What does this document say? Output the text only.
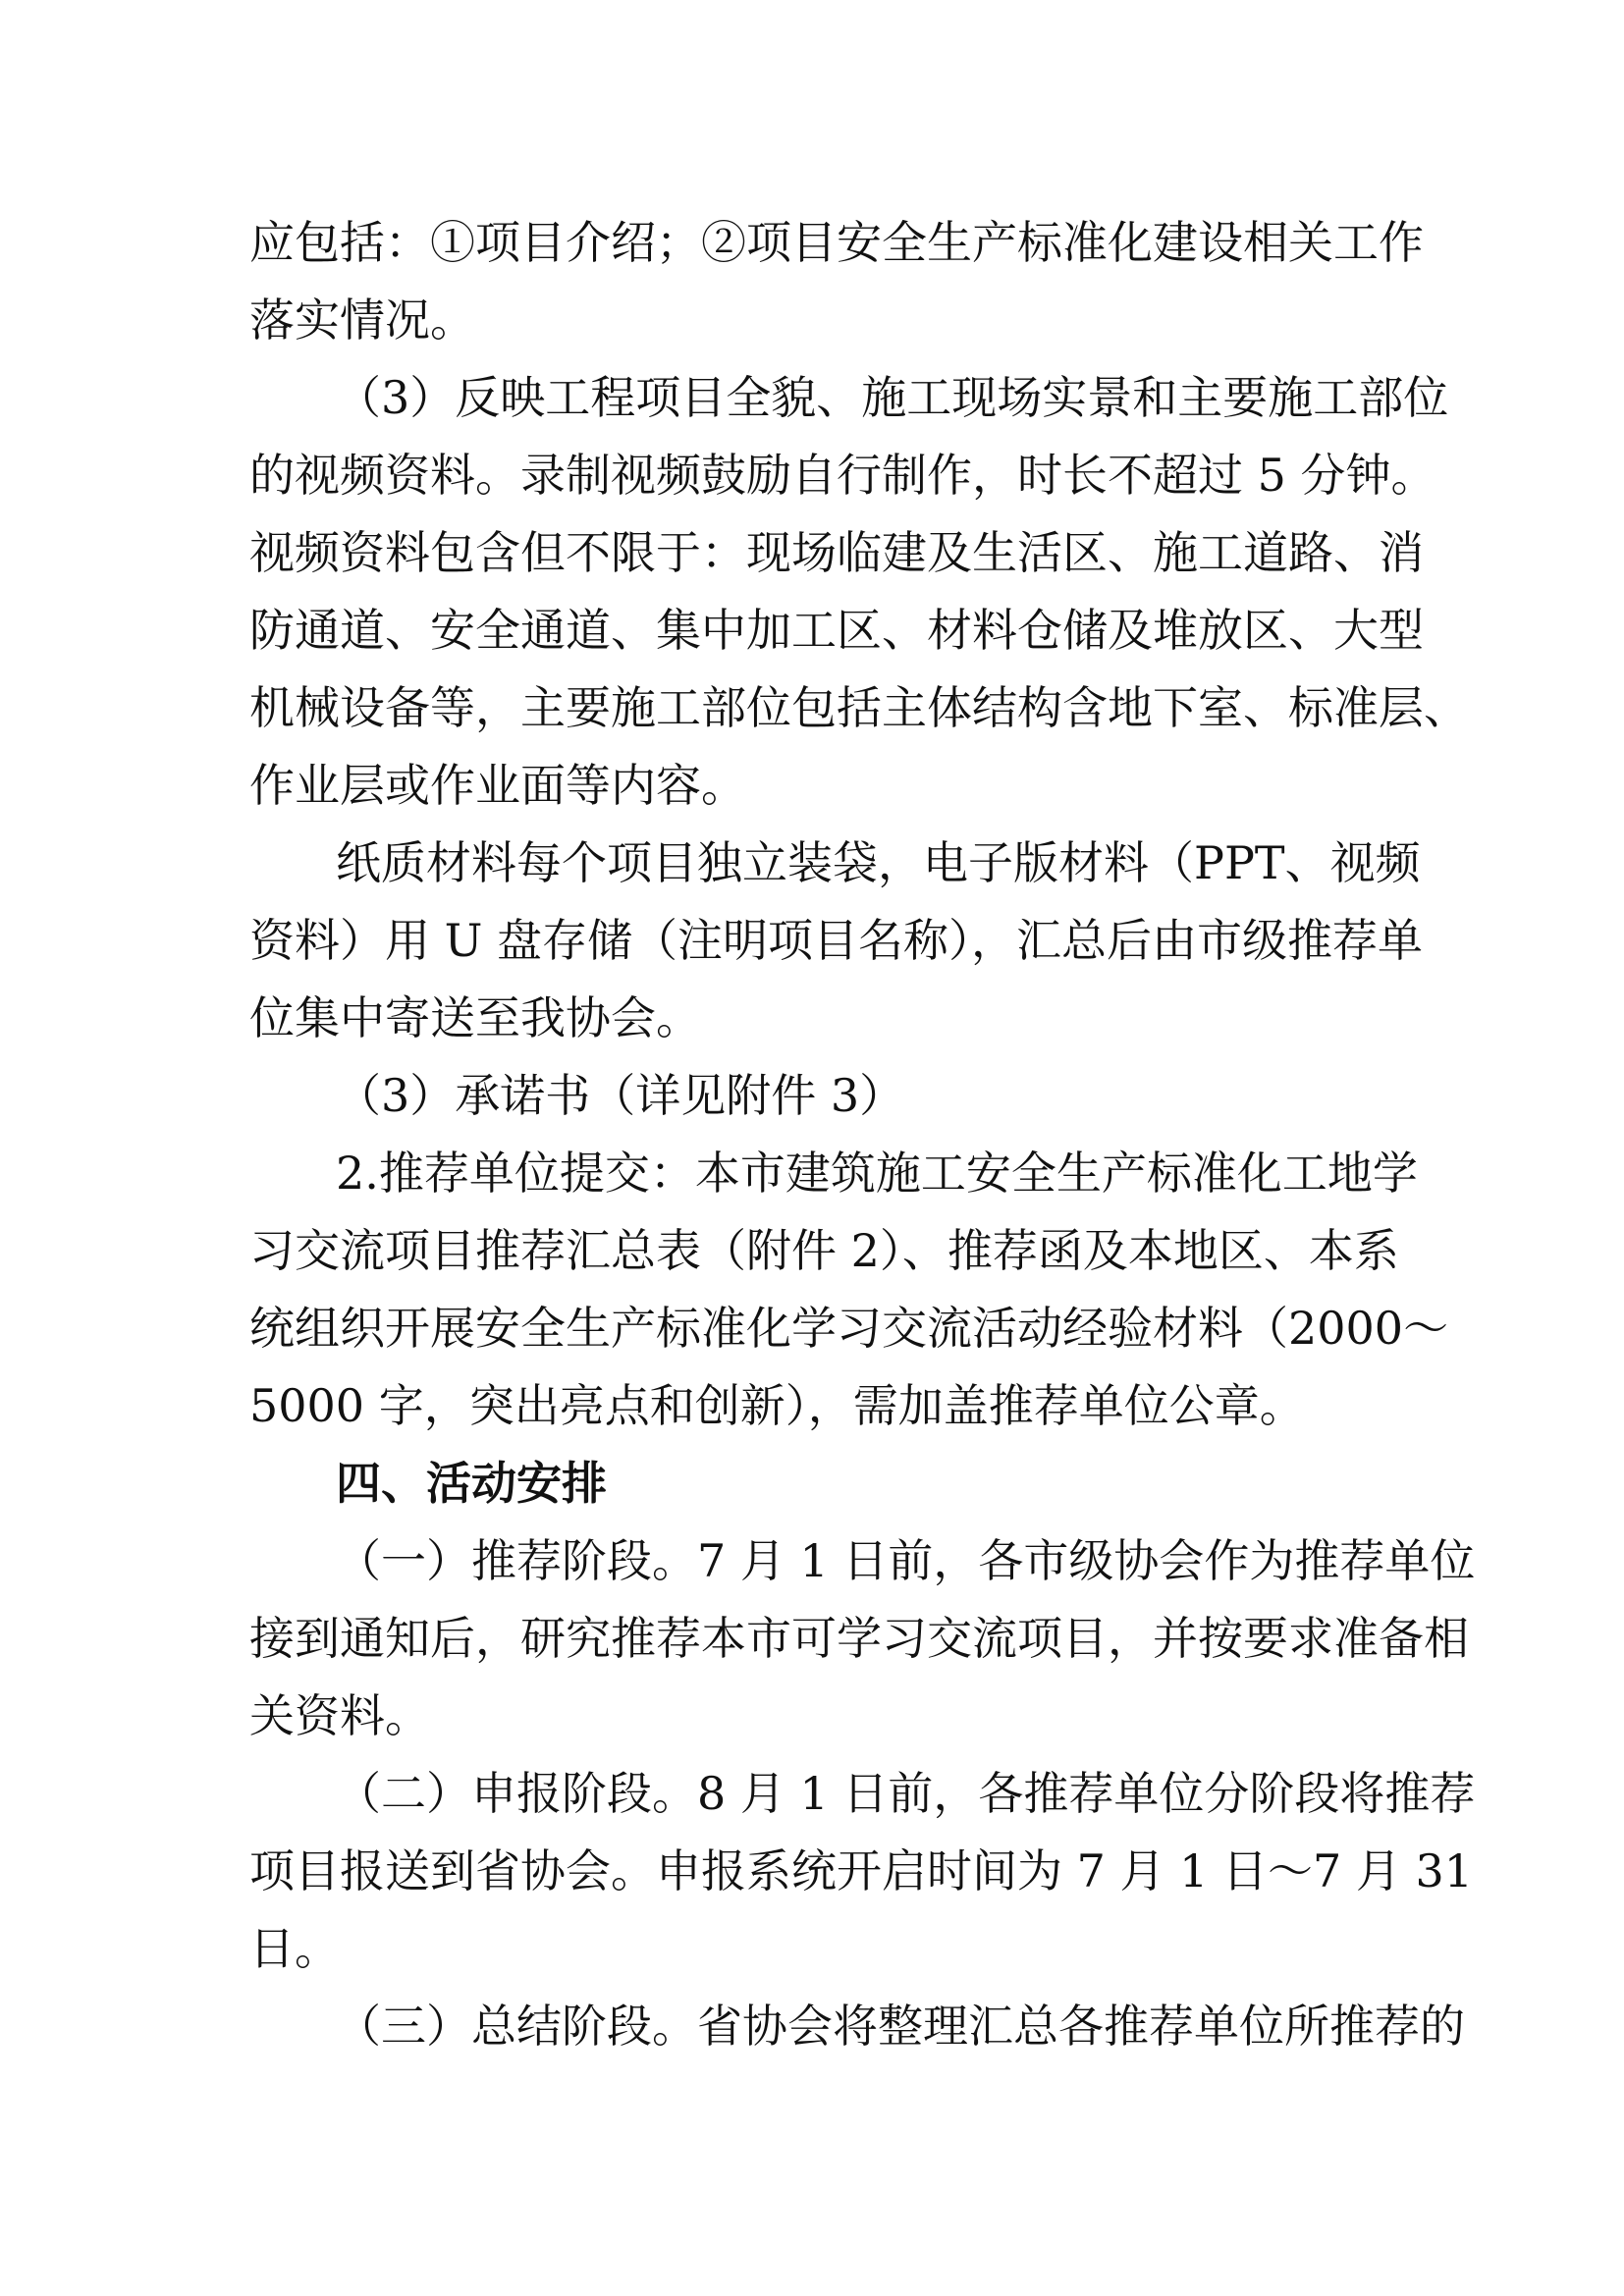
应包括：①项目介绍；②项目安全生产标准化建设相关工作
落实情况。
（3）反映工程项目全貌、施工现场实景和主要施工部位
的视频资料。录制视频鼓励自行制作，时长不超过 5 分钟。
视频资料包含但不限于：现场临建及生活区、施工道路、消
防通道、安全通道、集中加工区、材料仓储及堆放区、大型
机械设备等，主要施工部位包括主体结构含地下室、标准层、
作业层或作业面等内容。
纸质材料每个项目独立装袋，电子版材料（PPT、视频
资料）用 U 盘存储（注明项目名称），汇总后由市级推荐单
位集中寄送至我协会。
（3）承诺书（详见附件 3）
2.推荐单位提交：本市建筑施工安全生产标准化工地学
习交流项目推荐汇总表（附件 2）、推荐函及本地区、本系
统组织开展安全生产标准化学习交流活动经验材料（2000～
5000 字，突出亮点和创新），需加盖推荐单位公章。
四、活动安排
（一）推荐阶段。7 月 1 日前，各市级协会作为推荐单位
接到通知后，研究推荐本市可学习交流项目，并按要求准备相
关资料。
（二）申报阶段。8 月 1 日前，各推荐单位分阶段将推荐
项目报送到省协会。申报系统开启时间为 7 月 1 日～7 月 31
日。
（三）总结阶段。省协会将整理汇总各推荐单位所推荐的
